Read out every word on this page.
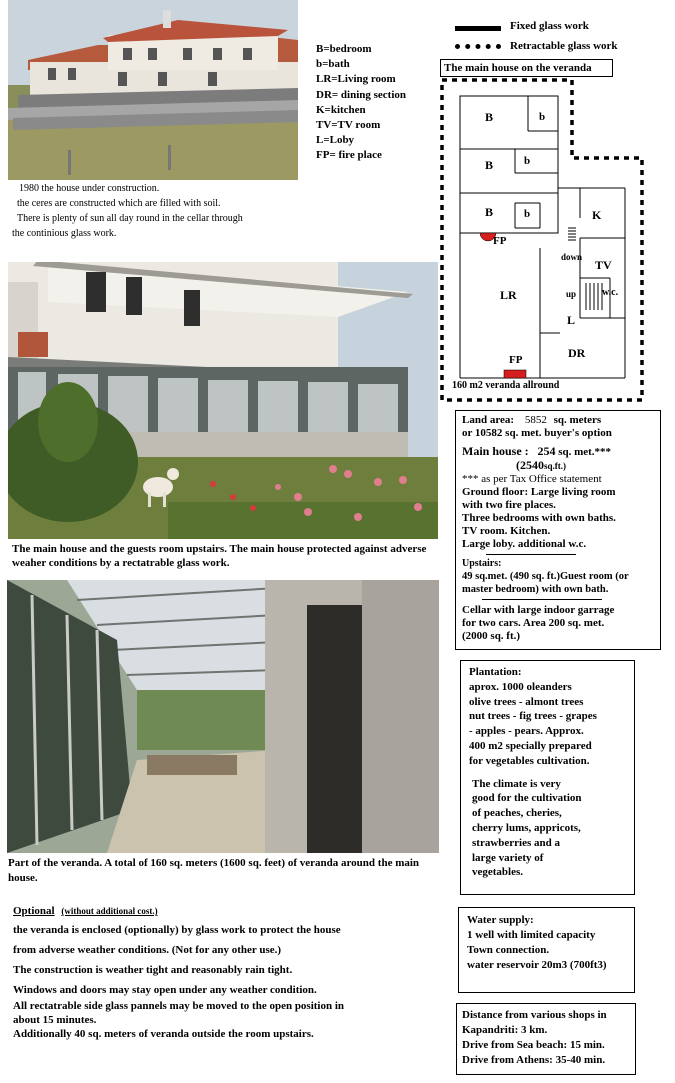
B=bedroom
b=bath
LR=Living room
DR= dining section
K=kitchen
TV=TV room
L=Loby
FP= fire place
1980 the house under construction.
the ceres are constructed which are filled with soil.
There is plenty of sun all day round in the cellar through
the continious glass work.
Fixed glass work
Retractable glass work
The main house on the veranda
B	b
B	b
B	b	K
FP
down
TV
LR	up	w.c.
L
DR
FP
160 m2 veranda allround
The main house and the guests room upstairs. The main house protected against adverse weaher conditions by a rectatrable glass work.
Part of the veranda. A total of 160 sq. meters (1600 sq. feet) of veranda around the main house.
Optional (without additional cost.)
the veranda is enclosed (optionally) by glass work to protect the house
from adverse weather conditions. (Not for any other use.)
The construction is weather tight and reasonably rain tight.
Windows and doors may stay open under any weather condition.
All rectatrable side glass pannels may be moved to the open position in
about 15 minutes.
Additionally 40 sq. meters of veranda outside the room upstairs.
Land area: 5852 sq. meters
or 10582 sq. met. buyer's option
Main house : 254 sq. met.***
(2540sq.ft.)
*** as per Tax Office statement
Ground floor: Large living room
with two fire places.
Three bedrooms with own baths.
TV room. Kitchen.
Large loby. additional w.c.
Upstairs:
49 sq.met. (490 sq. ft.)Guest room (or
master bedroom) with own bath.
Cellar with large indoor garrage
for two cars. Area 200 sq. met.
(2000 sq. ft.)
Plantation:
aprox. 1000 oleanders
olive trees - almont trees
nut trees - fig trees - grapes
- apples - pears. Approx.
400 m2 specially prepared
for vegetables cultivation.
The climate is very
good for the cultivation
of peaches, cheries,
cherry lums, appricots,
strawberries and a
large variety of
vegetables.
Water supply:
1 well with limited capacity
Town connection.
water reservoir 20m3 (700ft3)
Distance from various shops in
Kapandriti: 3 km.
Drive from Sea beach: 15 min.
Drive from Athens: 35-40 min.
